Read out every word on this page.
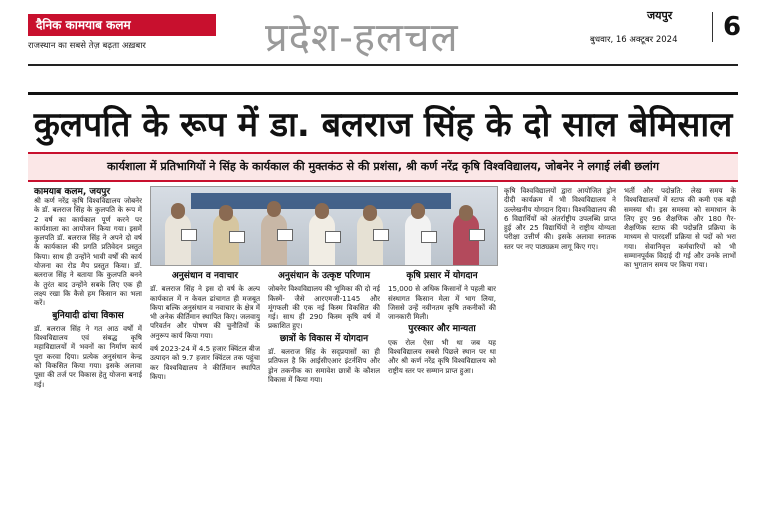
दैनिक कामयाब कलम
राजस्थान का सबसे तेज़ बढ़ता अख़बार	प्रदेश-हलचल	जयपुर
बुधवार, 16 अक्टूबर 2024	6
कुलपति के रूप में डा. बलराज सिंह के दो साल बेमिसाल
कार्यशाला में प्रतिभागियों ने सिंह के कार्यकाल की मुक्तकंठ से की प्रशंसा, श्री कर्ण नरेंद्र कृषि विश्वविद्यालय, जोबनेर ने लगाई लंबी छलांग
कामयाब कलम, जयपुर

श्री कर्ण नरेंद्र कृषि विश्वविद्यालय जोबनेर के डॉ. बलराज सिंह के कुलपति के रूप में 2 वर्ष का कार्यकाल पूर्ण करने पर कार्यशाला का आयोजन किया गया। इसमें कुलपति डॉ. बलराज सिंह ने अपने दो वर्ष के कार्यकाल की प्रगति प्रतिवेदन प्रस्तुत किया। साथ ही उन्होंने भावी वर्षों की कार्य योजना का रोड मैप प्रस्तुत किया। डॉ. बलराज सिंह ने बताया कि कुलपति बनने के तुरंत बाद उन्होंने सबके लिए एक ही लक्ष्य रखा कि कैसे हम किसान का भला करें।

बुनियादी ढांचा विकास

डॉ. बलराज सिंह ने गत आठ वर्षों में विश्वविद्यालय एवं संबद्ध कृषि महाविद्यालयों में भवनों का निर्माण कार्य पूरा करवा दिया। प्रत्येक अनुसंधान केन्द्र को विकसित किया गया। इसके अलावा पूसा की तर्ज पर विकास हेतु योजना बनाई गई।

अनुसंधान व नवाचार

डॉ. बलराज सिंह ने इस दो वर्ष के अल्प कार्यकाल में न केवल ढांचागत ही मजबूत किया बल्कि अनुसंधान व नवाचार के क्षेत्र में भी अनेक कीर्तिमान स्थापित किए। जलवायु परिवर्तन और पोषण की चुनौतियों के अनुरूप कार्य किया गया।

वर्ष 2023-24 में 4.5 हजार क्विंटल बीज उत्पादन को 9.7 हजार क्विंटल तक पहुंचा कर विश्वविद्यालय ने कीर्तिमान स्थापित किया।

अनुसंधान के उत्कृष्ट परिणाम

जोबनेर विश्वविद्यालय की भूमिका की दो नई किस्में- जैसे आरएमजी-1145 और मूंगफली की एक नई किस्म विकसित की गई। साथ ही 290 किस्म कृषि वर्ष में प्रकाशित हुए।

छात्रों के विकास में योगदान

डॉ. बलराज सिंह के सद्प्रयासों का ही प्रतिफल है कि आईसीएआर इंटर्नशिप और ड्रोन तकनीक का समावेश छात्रों के कौशल विकास में किया गया।

कृषि प्रसार में योगदान

15,000 से अधिक किसानों ने पहली बार संस्थागत किसान मेला में भाग लिया, जिससे उन्हें नवीनतम कृषि तकनीकों की जानकारी मिली।

पुरस्कार और मान्यता

एक रोल ऐसा भी था जब यह विश्वविद्यालय सबसे पिछले स्थान पर था और श्री कर्ण नरेंद्र कृषि विश्वविद्यालय को राष्ट्रीय स्तर पर सम्मान प्राप्त हुआ।

कृषि विश्वविद्यालयों द्वारा आयोजित ड्रोन दीदी कार्यक्रम में भी विश्वविद्यालय ने उल्लेखनीय योगदान दिया। विश्वविद्यालय की 6 विद्यार्थियों को अंतर्राष्ट्रीय उपलब्धि प्राप्त हुई और 25 विद्यार्थियों ने राष्ट्रीय योग्यता परीक्षा उत्तीर्ण की। इसके अलावा स्नातक स्तर पर नए पाठ्यक्रम लागू किए गए।

भर्ती और पदोन्नति: लेख समय के विश्वविद्यालयों में स्टाफ की कमी एक बड़ी समस्या थी। इस समस्या को समाधान के लिए हुए 96 शैक्षणिक और 180 गैर-शैक्षणिक स्टाफ की पदोन्नति प्रक्रिया के माध्यम से पारदर्शी प्रक्रिया से पदों को भरा गया। सेवानिवृत्त कर्मचारियों को भी सम्मानपूर्वक विदाई दी गई और उनके लाभों का भुगतान समय पर किया गया।
